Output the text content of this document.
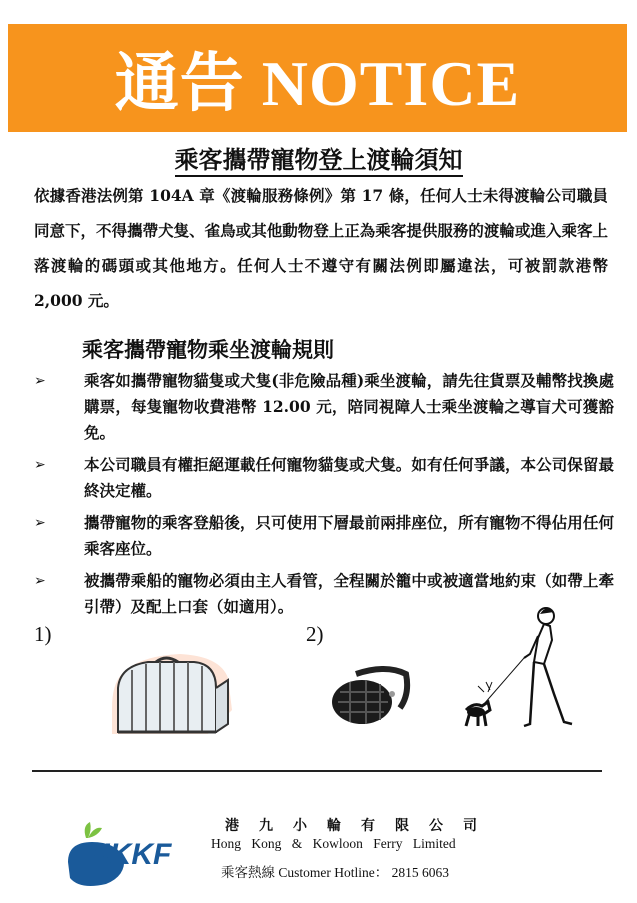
通告 NOTICE
乘客攜帶寵物登上渡輪須知
依據香港法例第 104A 章《渡輪服務條例》第 17 條，任何人士未得渡輪公司職員同意下，不得攜帶犬隻、雀鳥或其他動物登上正為乘客提供服務的渡輪或進入乘客上落渡輪的碼頭或其他地方。任何人士不遵守有關法例即屬違法，可被罰款港幣 2,000 元。
乘客攜帶寵物乘坐渡輪規則
➢ 乘客如攜帶寵物貓隻或犬隻(非危險品種)乘坐渡輪，請先往貨票及輔幣找換處購票，每隻寵物收費港幣 12.00 元，陪同視障人士乘坐渡輪之導盲犬可獲豁免。
➢ 本公司職員有權拒絕運載任何寵物貓隻或犬隻。如有任何爭議，本公司保留最終決定權。
➢ 攜帶寵物的乘客登船後，只可使用下層最前兩排座位，所有寵物不得佔用任何乘客座位。
➢ 被攜帶乘船的寵物必須由主人看管，全程關於籠中或被適當地約束（如帶上牽引帶）及配上口套（如適用）。
1)	2)
HKKF
港九小輪有限公司
Hong Kong & Kowloon Ferry Limited
乘客熱線 Customer Hotline： 2815 6063
